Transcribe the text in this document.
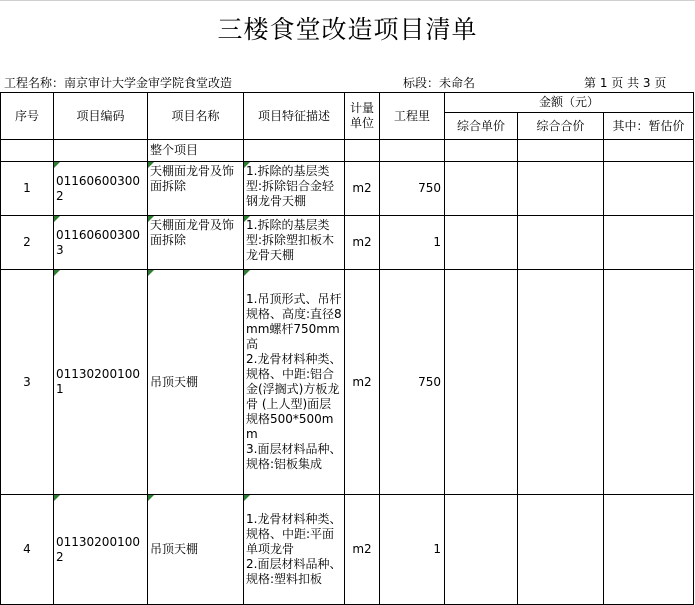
三楼食堂改造项目清单
工程名称：南京审计大学金审学院食堂改造	标段：未命名	第 1 页 共 3 页
序号	项目编码	项目名称	项目特征描述	计量单位	工程里	金额（元）		
						综合单价	综合合价	其中：暂估价
		整个项目						
1	011606003002	天棚面龙骨及饰面拆除	1.拆除的基层类型:拆除铝合金轻钢龙骨天棚	m2	750			
2	011606003003	天棚面龙骨及饰面拆除	1.拆除的基层类型:拆除塑扣板木龙骨天棚	m2	1			
3	011302001001	吊顶天棚	1.吊顶形式、吊杆规格、高度:直径8mm螺杆750mm高
2.龙骨材料种类、规格、中距:铝合金(浮搁式)方板龙骨 (上人型)面层规格500*500mm
3.面层材料品种、规格:铝板集成	m2	750			
4	011302001002	吊顶天棚	1.龙骨材料种类、规格、中距:平面单项龙骨
2.面层材料品种、规格:塑料扣板	m2	1			
